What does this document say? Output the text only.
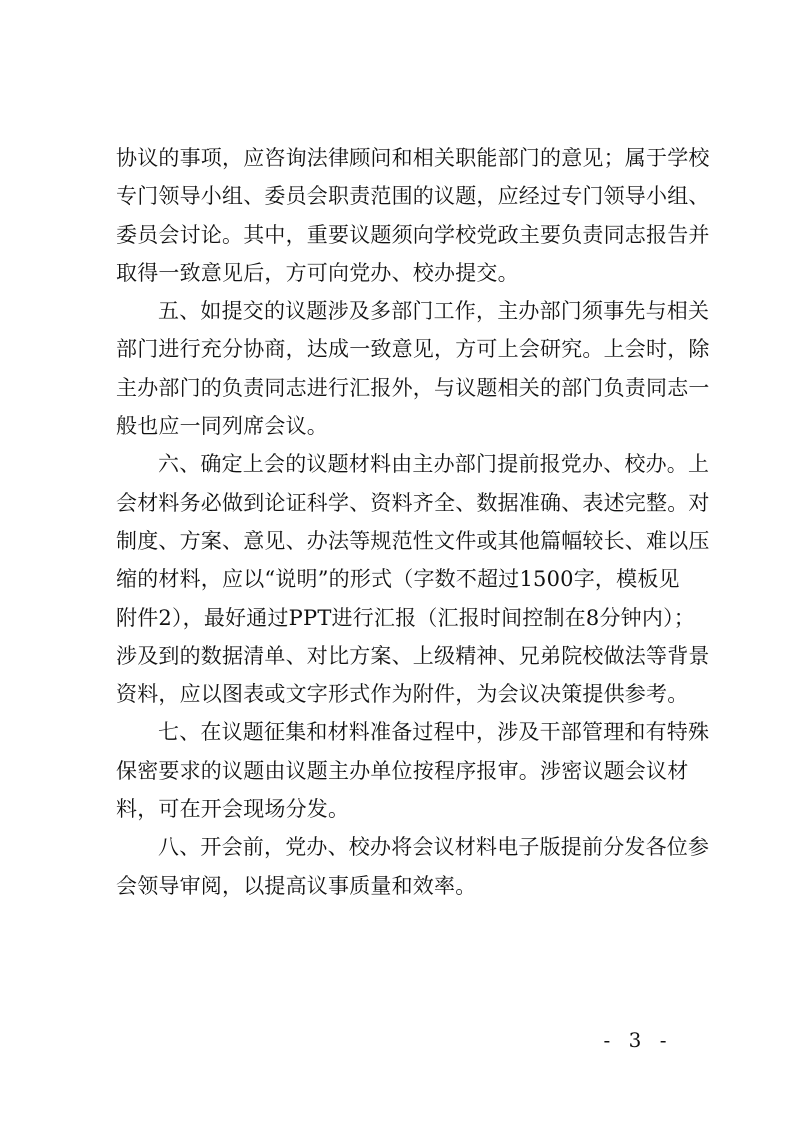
协议的事项，应咨询法律顾问和相关职能部门的意见；属于学校
专门领导小组、委员会职责范围的议题，应经过专门领导小组、
委员会讨论。其中，重要议题须向学校党政主要负责同志报告并
取得一致意见后，方可向党办、校办提交。
五、如提交的议题涉及多部门工作，主办部门须事先与相关
部门进行充分协商，达成一致意见，方可上会研究。上会时，除
主办部门的负责同志进行汇报外，与议题相关的部门负责同志一
般也应一同列席会议。
六、确定上会的议题材料由主办部门提前报党办、校办。上
会材料务必做到论证科学、资料齐全、数据准确、表述完整。对
制度、方案、意见、办法等规范性文件或其他篇幅较长、难以压
缩的材料，应以“说明”的形式（字数不超过1500字，模板见
附件2），最好通过PPT进行汇报（汇报时间控制在8分钟内）；
涉及到的数据清单、对比方案、上级精神、兄弟院校做法等背景
资料，应以图表或文字形式作为附件，为会议决策提供参考。
七、在议题征集和材料准备过程中，涉及干部管理和有特殊
保密要求的议题由议题主办单位按程序报审。涉密议题会议材
料，可在开会现场分发。
八、开会前，党办、校办将会议材料电子版提前分发各位参
会领导审阅，以提高议事质量和效率。
- 3 -
